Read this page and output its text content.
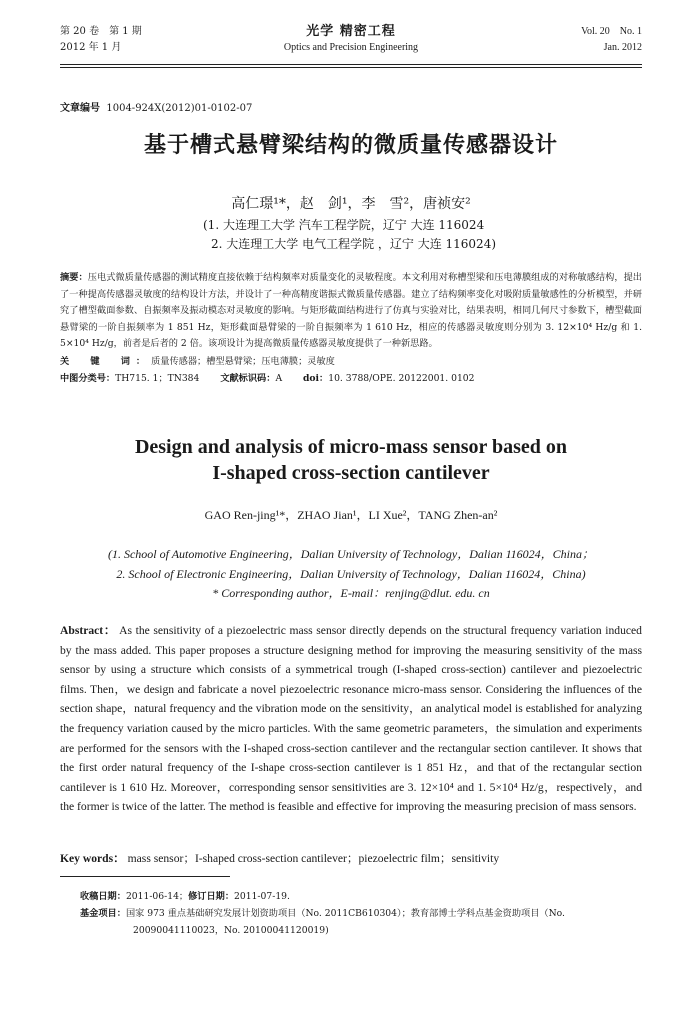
第 20 卷　第 1 期
2012 年 1 月
光学 精密工程
Optics and Precision Engineering
Vol. 20　No. 1
Jan. 2012
文章编号 1004-924X(2012)01-0102-07
基于槽式悬臂梁结构的微质量传感器设计
高仁璟¹*，赵　剑¹，李　雪²，唐祯安²
(1. 大连理工大学 汽车工程学院，辽宁 大连 116024
2. 大连理工大学 电气工程学院 ，辽宁 大连 116024)
摘要：压电式微质量传感器的测试精度直接依赖于结构频率对质量变化的灵敏程度。本文利用对称槽型梁和压电薄膜组成的对称敏感结构，提出了一种提高传感器灵敏度的结构设计方法，并设计了一种高精度谐振式微质量传感器。建立了结构频率变化对吸附质量敏感性的分析模型，并研究了槽型截面参数、自振频率及振动模态对灵敏度的影响。与矩形截面结构进行了仿真与实验对比，结果表明，相同几何尺寸参数下，槽型截面悬臂梁的一阶自振频率为 1 851 Hz，矩形截面悬臂梁的一阶自振频率为 1 610 Hz，相应的传感器灵敏度则分别为 3. 12×10⁴ Hz/g 和 1. 5×10⁴ Hz/g，前者是后者的 2 倍。该项设计为提高微质量传感器灵敏度提供了一种新思路。
关　键　词：质量传感器；槽型悬臂梁；压电薄膜；灵敏度
中图分类号：TH715. 1；TN384 文献标识码：A doi：10. 3788/OPE. 20122001. 0102
Design and analysis of micro-mass sensor based on
I-shaped cross-section cantilever
GAO Ren-jing¹*，ZHAO Jian¹，LI Xue²，TANG Zhen-an²
(1. School of Automotive Engineering，Dalian University of Technology，Dalian 116024，China；
2. School of Electronic Engineering，Dalian University of Technology，Dalian 116024，China)
* Corresponding author，E-mail：renjing@dlut. edu. cn
Abstract： As the sensitivity of a piezoelectric mass sensor directly depends on the structural frequency variation induced by the mass added. This paper proposes a structure designing method for improving the measuring sensitivity of the mass sensor by using a structure which consists of a symmetrical trough (I-shaped cross-section) cantilever and piezoelectric films. Then，we design and fabricate a novel piezoelectric resonance micro-mass sensor. Considering the influences of the section shape，natural frequency and the vibration mode on the sensitivity，an analytical model is established for analyzing the frequency variation caused by the micro particles. With the same geometric parameters，the simulation and experiments are performed for the sensors with the I-shaped cross-section cantilever and the rectangular section cantilever. It shows that the first order natural frequency of the I-shape cross-section cantilever is 1 851 Hz，and that of the rectangular section cantilever is 1 610 Hz. Moreover，corresponding sensor sensitivities are 3. 12×10⁴ and 1. 5×10⁴ Hz/g，respectively，and the former is twice of the latter. The method is feasible and effective for improving the measuring precision of mass sensors.
Key words： mass sensor；I-shaped cross-section cantilever；piezoelectric film；sensitivity
收稿日期：2011-06-14；修订日期：2011-07-19.
基金项目：国家 973 重点基础研究发展计划资助项目（No. 2011CB610304）；教育部博士学科点基金资助项目（No.
20090041110023，No. 20100041120019)
